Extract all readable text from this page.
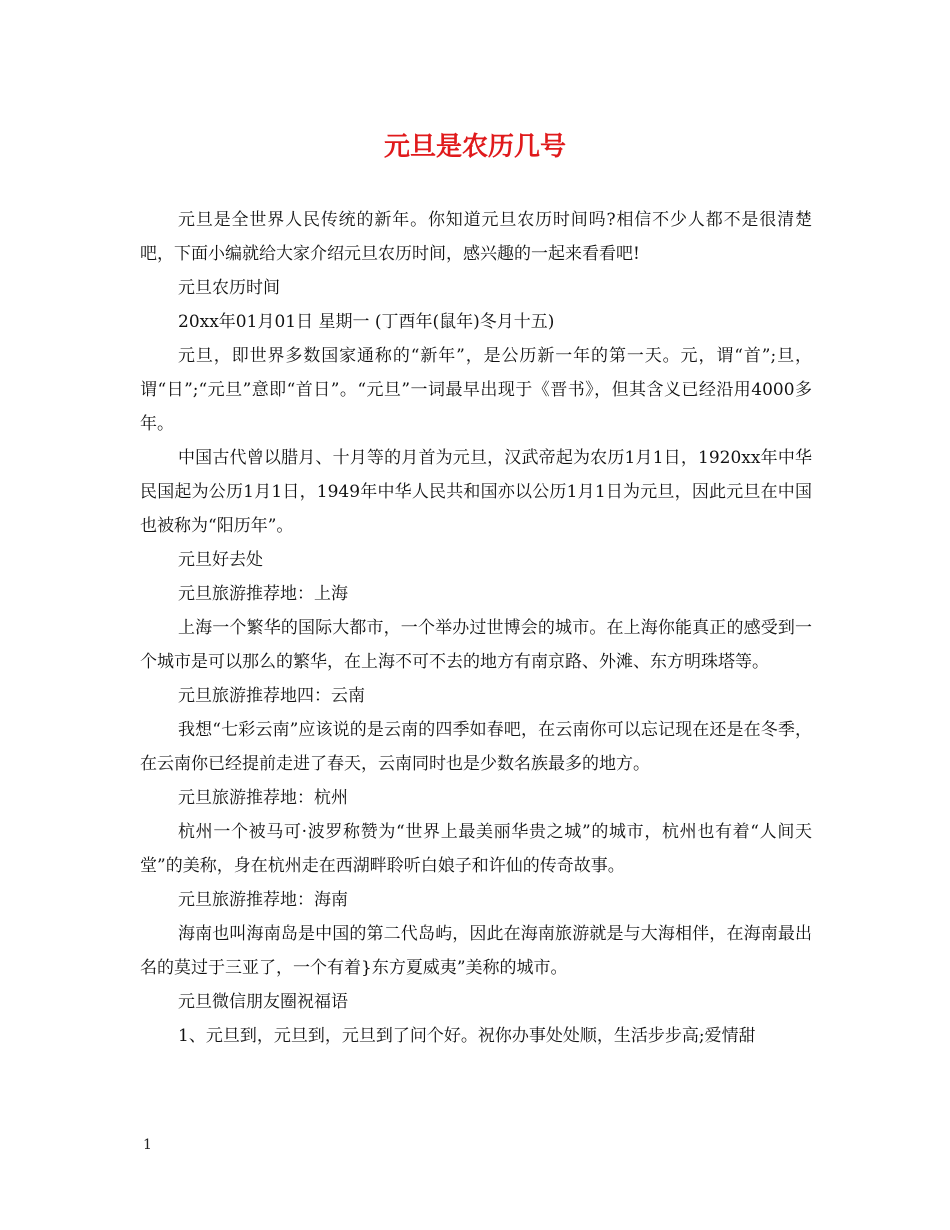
元旦是农历几号

元旦是全世界人民传统的新年。你知道元旦农历时间吗?相信不少人都不是很清楚吧，下面小编就给大家介绍元旦农历时间，感兴趣的一起来看看吧!

元旦农历时间

20xx年01月01日 星期一 (丁酉年(鼠年)冬月十五)

元旦，即世界多数国家通称的“新年”，是公历新一年的第一天。元，谓“首”;旦，谓“日”;“元旦”意即“首日”。“元旦”一词最早出现于《晋书》，但其含义已经沿用4000多年。

中国古代曾以腊月、十月等的月首为元旦，汉武帝起为农历1月1日，1920xx年中华民国起为公历1月1日，1949年中华人民共和国亦以公历1月1日为元旦，因此元旦在中国也被称为“阳历年”。

元旦好去处

元旦旅游推荐地：上海

上海一个繁华的国际大都市，一个举办过世博会的城市。在上海你能真正的感受到一个城市是可以那么的繁华，在上海不可不去的地方有南京路、外滩、东方明珠塔等。

元旦旅游推荐地四：云南

我想“七彩云南”应该说的是云南的四季如春吧，在云南你可以忘记现在还是在冬季，在云南你已经提前走进了春天，云南同时也是少数名族最多的地方。

元旦旅游推荐地：杭州

杭州一个被马可·波罗称赞为“世界上最美丽华贵之城”的城市，杭州也有着“人间天堂”的美称，身在杭州走在西湖畔聆听白娘子和许仙的传奇故事。

元旦旅游推荐地：海南

海南也叫海南岛是中国的第二代岛屿，因此在海南旅游就是与大海相伴，在海南最出名的莫过于三亚了，一个有着}东方夏威夷”美称的城市。

元旦微信朋友圈祝福语

1、元旦到，元旦到，元旦到了问个好。祝你办事处处顺，生活步步高;爱情甜

1
